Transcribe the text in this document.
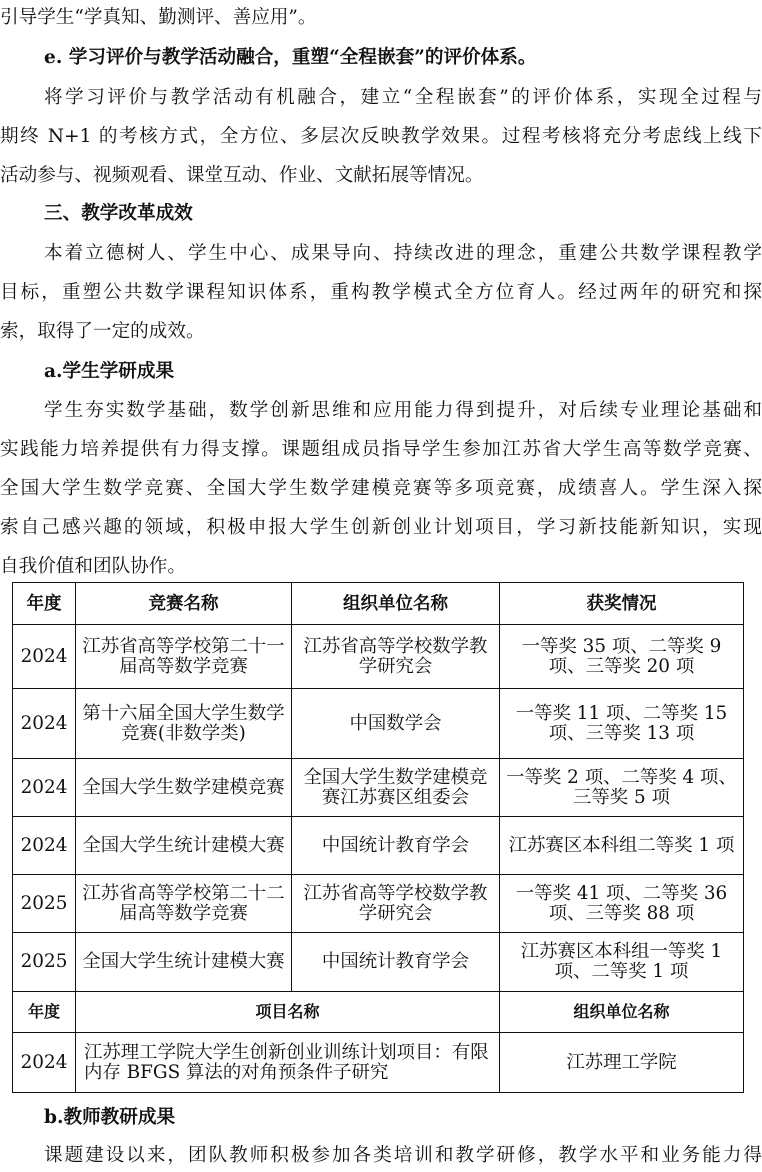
引导学生“学真知、勤测评、善应用”。
e. 学习评价与教学活动融合，重塑“全程嵌套”的评价体系。
将学习评价与教学活动有机融合，建立“全程嵌套”的评价体系，实现全过程与
期终 N+1 的考核方式，全方位、多层次反映教学效果。过程考核将充分考虑线上线下
活动参与、视频观看、课堂互动、作业、文献拓展等情况。
三、教学改革成效
本着立德树人、学生中心、成果导向、持续改进的理念，重建公共数学课程教学
目标，重塑公共数学课程知识体系，重构教学模式全方位育人。经过两年的研究和探
索，取得了一定的成效。
a.学生学研成果
学生夯实数学基础，数学创新思维和应用能力得到提升，对后续专业理论基础和
实践能力培养提供有力得支撑。课题组成员指导学生参加江苏省大学生高等数学竞赛、
全国大学生数学竞赛、全国大学生数学建模竞赛等多项竞赛，成绩喜人。学生深入探
索自己感兴趣的领域，积极申报大学生创新创业计划项目，学习新技能新知识，实现
自我价值和团队协作。
年度	竞赛名称	组织单位名称	获奖情况
2024	江苏省高等学校第二十一届高等数学竞赛	江苏省高等学校数学教学研究会	一等奖 35 项、二等奖 9 项、三等奖 20 项
2024	第十六届全国大学生数学竞赛(非数学类)	中国数学会	一等奖 11 项、二等奖 15 项、三等奖 13 项
2024	全国大学生数学建模竞赛	全国大学生数学建模竞赛江苏赛区组委会	一等奖 2 项、二等奖 4 项、三等奖 5 项
2024	全国大学生统计建模大赛	中国统计教育学会	江苏赛区本科组二等奖 1 项
2025	江苏省高等学校第二十二届高等数学竞赛	江苏省高等学校数学教学研究会	一等奖 41 项、二等奖 36 项、三等奖 88 项
2025	全国大学生统计建模大赛	中国统计教育学会	江苏赛区本科组一等奖 1 项、二等奖 1 项
年度	项目名称		组织单位名称
2024	江苏理工学院大学生创新创业训练计划项目：有限内存 BFGS 算法的对角预条件子研究		江苏理工学院
b.教师教研成果
课题建设以来，团队教师积极参加各类培训和教学研修，教学水平和业务能力得
